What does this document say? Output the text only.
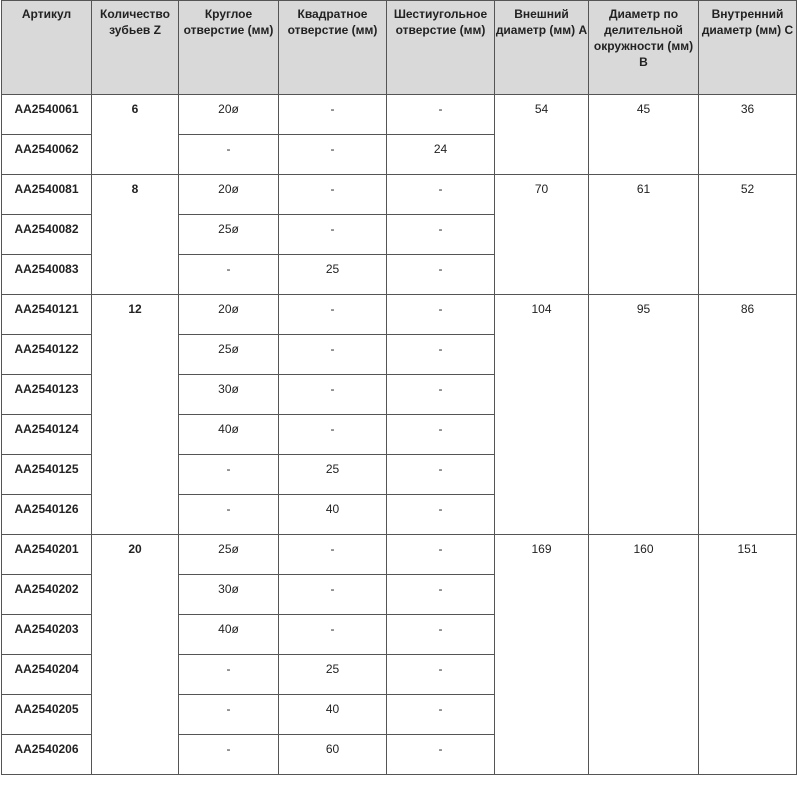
Артикул	Количество зубьев Z	Круглое отверстие (мм)	Квадратное отверстие (мм)	Шестиугольное отверстие (мм)	Внешний диаметр (мм) A	Диаметр по делительной окружности (мм) B	Внутренний диаметр (мм) C
AA2540061	6	20ø	-	-	54	45	36
AA2540062		-	-	24			
AA2540081	8	20ø	-	-	70	61	52
AA2540082		25ø	-	-			
AA2540083		-	25	-			
AA2540121	12	20ø	-	-	104	95	86
AA2540122		25ø	-	-			
AA2540123		30ø	-	-			
AA2540124		40ø	-	-			
AA2540125		-	25	-			
AA2540126		-	40	-			
AA2540201	20	25ø	-	-	169	160	151
AA2540202		30ø	-	-			
AA2540203		40ø	-	-			
AA2540204		-	25	-			
AA2540205		-	40	-			
AA2540206		-	60	-			
